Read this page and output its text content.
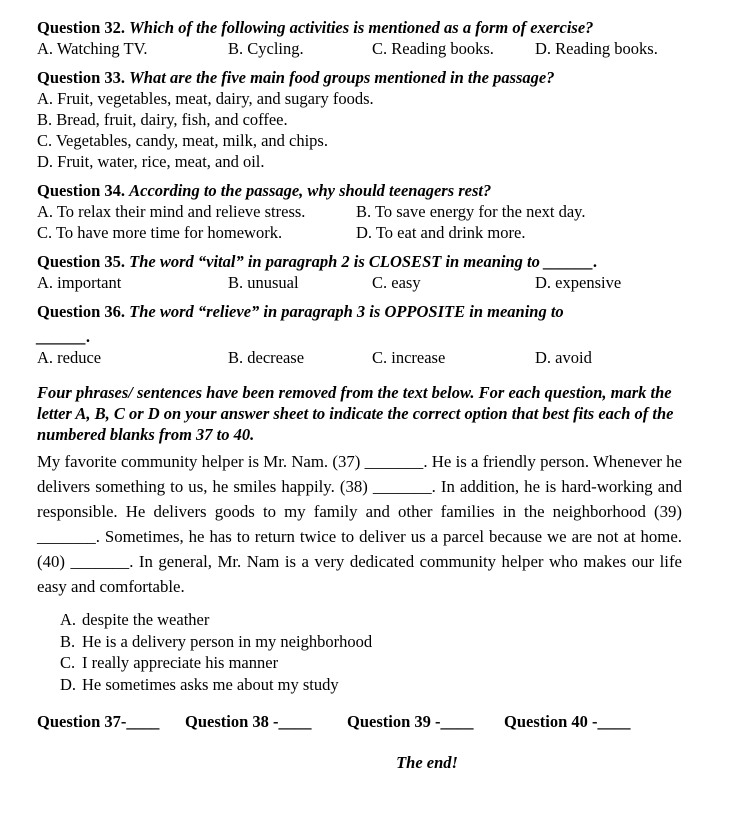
Question 32. Which of the following activities is mentioned as a form of exercise?
A. Watching TV.	B. Cycling.	C. Reading books.	D. Reading books.
Question 33. What are the five main food groups mentioned in the passage?
A. Fruit, vegetables, meat, dairy, and sugary foods.
B. Bread, fruit, dairy, fish, and coffee.
C. Vegetables, candy, meat, milk, and chips.
D. Fruit, water, rice, meat, and oil.
Question 34. According to the passage, why should teenagers rest?
A. To relax their mind and relieve stress.	B. To save energy for the next day.
C. To have more time for homework.	D. To eat and drink more.
Question 35. The word “vital” in paragraph 2 is CLOSEST in meaning to ______.
A. important	B. unusual	C. easy	D. expensive
Question 36. The word “relieve” in paragraph 3 is OPPOSITE in meaning to
______.
A. reduce	B. decrease	C. increase	D. avoid
Four phrases/ sentences have been removed from the text below. For each question, mark the letter A, B, C or D on your answer sheet to indicate the correct option that best fits each of the numbered blanks from 37 to 40.
My favorite community helper is Mr. Nam. (37) _______. He is a friendly person. Whenever he delivers something to us, he smiles happily. (38) _______. In addition, he is hard-working and responsible. He delivers goods to my family and other families in the neighborhood (39) _______. Sometimes, he has to return twice to deliver us a parcel because we are not at home. (40) _______. In general, Mr. Nam is a very dedicated community helper who makes our life easy and comfortable.
A. despite the weather
B. He is a delivery person in my neighborhood
C. I really appreciate his manner
D. He sometimes asks me about my study
Question 37-____	Question 38 -____	Question 39 -____	Question 40 -____
The end!
